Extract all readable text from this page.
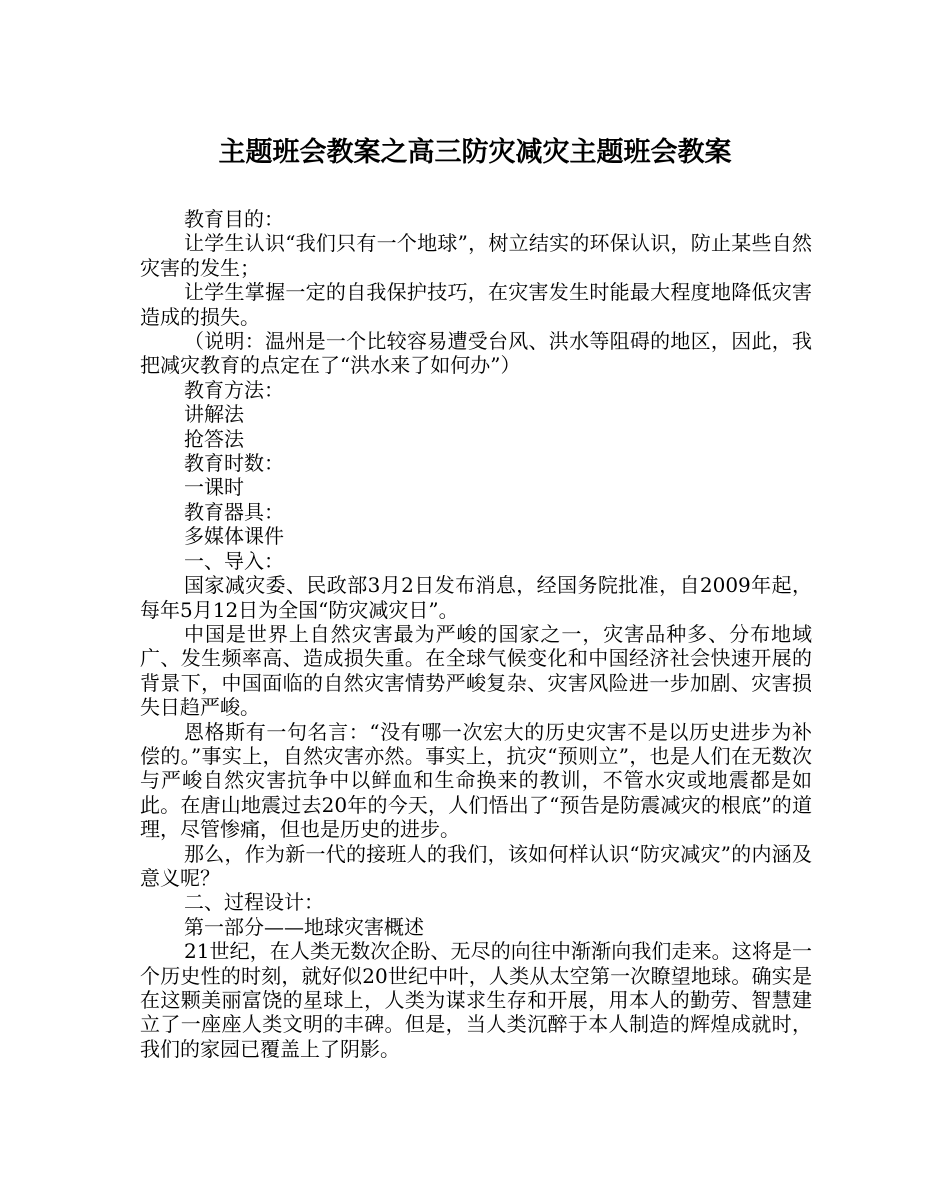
主题班会教案之高三防灾减灾主题班会教案

教育目的：

让学生认识“我们只有一个地球”，树立结实的环保认识，防止某些自然灾害的发生；

让学生掌握一定的自我保护技巧，在灾害发生时能最大程度地降低灾害造成的损失。

（说明：温州是一个比较容易遭受台风、洪水等阻碍的地区，因此，我把减灾教育的点定在了“洪水来了如何办”）

教育方法：

讲解法

抢答法

教育时数：

一课时

教育器具：

多媒体课件

一、导入：

国家减灾委、民政部3月2日发布消息，经国务院批准，自2009年起，每年5月12日为全国“防灾减灾日”。

中国是世界上自然灾害最为严峻的国家之一，灾害品种多、分布地域广、发生频率高、造成损失重。在全球气候变化和中国经济社会快速开展的背景下，中国面临的自然灾害情势严峻复杂、灾害风险进一步加剧、灾害损失日趋严峻。

恩格斯有一句名言：“没有哪一次宏大的历史灾害不是以历史进步为补偿的。”事实上，自然灾害亦然。事实上，抗灾“预则立”，也是人们在无数次与严峻自然灾害抗争中以鲜血和生命换来的教训，不管水灾或地震都是如此。在唐山地震过去20年的今天，人们悟出了“预告是防震减灾的根底”的道理，尽管惨痛，但也是历史的进步。

那么，作为新一代的接班人的我们，该如何样认识“防灾减灾”的内涵及意义呢？

二、过程设计：

第一部分——地球灾害概述

21世纪，在人类无数次企盼、无尽的向往中渐渐向我们走来。这将是一个历史性的时刻，就好似20世纪中叶，人类从太空第一次瞭望地球。确实是在这颗美丽富饶的星球上，人类为谋求生存和开展，用本人的勤劳、智慧建立了一座座人类文明的丰碑。但是，当人类沉醉于本人制造的辉煌成就时，我们的家园已覆盖上了阴影。
